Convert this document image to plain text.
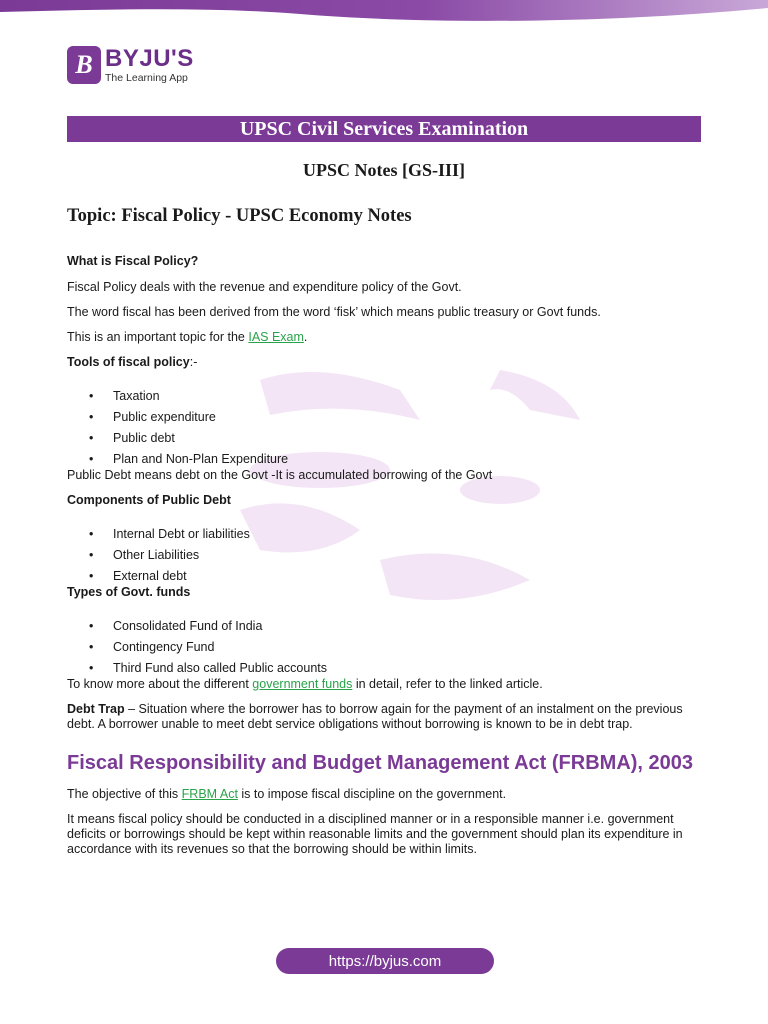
B BYJU'S
The Learning App
UPSC Civil Services Examination
UPSC Notes [GS-III]
Topic: Fiscal Policy - UPSC Economy Notes

What is Fiscal Policy?

Fiscal Policy deals with the revenue and expenditure policy of the Govt.

The word fiscal has been derived from the word ‘fisk’ which means public treasury or Govt funds.

This is an important topic for the IAS Exam.

Tools of fiscal policy:-

• Taxation
• Public expenditure
• Public debt
• Plan and Non-Plan Expenditure

Public Debt means debt on the Govt -It is accumulated borrowing of the Govt

Components of Public Debt

• Internal Debt or liabilities
• Other Liabilities
• External debt

Types of Govt. funds

• Consolidated Fund of India
• Contingency Fund
• Third Fund also called Public accounts

To know more about the different government funds in detail, refer to the linked article.

Debt Trap – Situation where the borrower has to borrow again for the payment of an instalment on the previous debt. A borrower unable to meet debt service obligations without borrowing is known to be in debt trap.

Fiscal Responsibility and Budget Management Act (FRBMA), 2003

The objective of this FRBM Act is to impose fiscal discipline on the government.

It means fiscal policy should be conducted in a disciplined manner or in a responsible manner i.e. government deficits or borrowings should be kept within reasonable limits and the government should plan its expenditure in accordance with its revenues so that the borrowing should be within limits.

https://byjus.com
